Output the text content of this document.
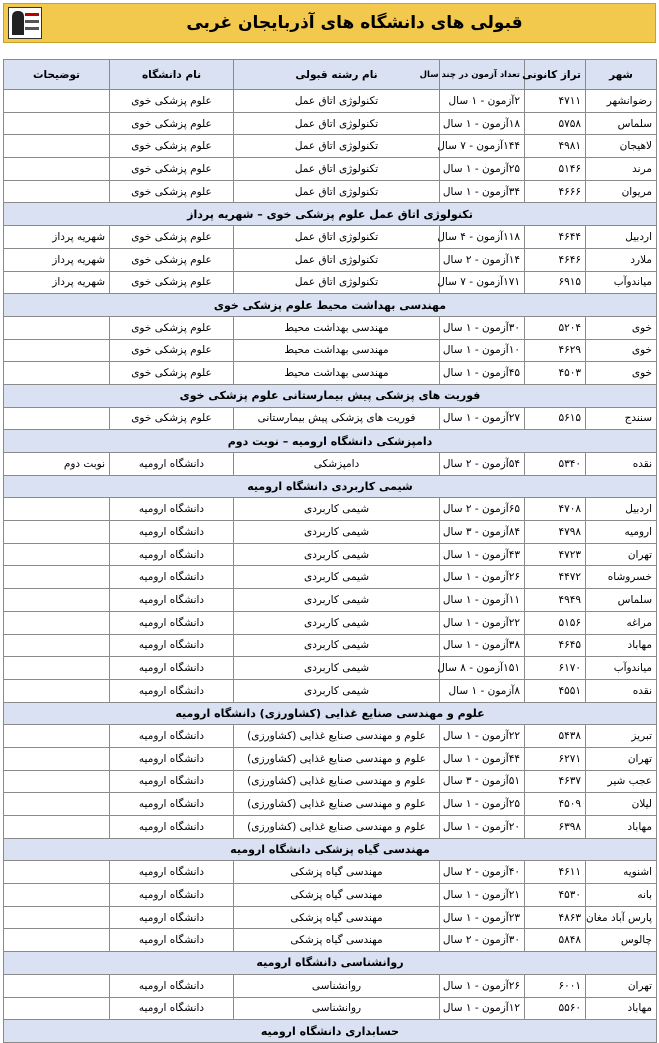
قبولی های دانشگاه های آذربایجان غربی
شهر	تراز کانونی	تعداد آزمون در چند سال	نام رشته قبولی	نام دانشگاه	توضیحات
رضوانشهر	۴۷۱۱	۲آزمون - ۱ سال	تکنولوژی اتاق عمل	علوم پزشکی خوی	
سلماس	۵۷۵۸	۱۸آزمون - ۱ سال	تکنولوژی اتاق عمل	علوم پزشکی خوی	
لاهیجان	۴۹۸۱	۱۴۴آزمون - ۷ سال	تکنولوژی اتاق عمل	علوم پزشکی خوی	
مرند	۵۱۴۶	۲۵آزمون - ۱ سال	تکنولوژی اتاق عمل	علوم پزشکی خوی	
مریوان	۴۶۶۶	۳۴آزمون - ۱ سال	تکنولوژی اتاق عمل	علوم پزشکی خوی	
تکنولوژی اتاق عمل علوم پزشکی خوی – شهریه پرداز					
اردبیل	۴۶۴۴	۱۱۸آزمون - ۴ سال	تکنولوژی اتاق عمل	علوم پزشکی خوی	شهریه پرداز
ملارد	۴۶۴۶	۱۴آزمون - ۲ سال	تکنولوژی اتاق عمل	علوم پزشکی خوی	شهریه پرداز
میاندوآب	۶۹۱۵	۱۷۱آزمون - ۷ سال	تکنولوژی اتاق عمل	علوم پزشکی خوی	شهریه پرداز
مهندسی بهداشت محیط علوم پزشکی خوی					
خوی	۵۲۰۴	۳۰آزمون - ۱ سال	مهندسی بهداشت محیط	علوم پزشکی خوی	
خوی	۴۶۲۹	۱۰آزمون - ۱ سال	مهندسی بهداشت محیط	علوم پزشکی خوی	
خوی	۴۵۰۳	۴۵آزمون - ۱ سال	مهندسی بهداشت محیط	علوم پزشکی خوی	
فوریت های پزشکی پیش بیمارستانی علوم پزشکی خوی					
سنندج	۵۶۱۵	۲۷آزمون - ۱ سال	فوریت های پزشکی پیش بیمارستانی	علوم پزشکی خوی	
دامپزشکی دانشگاه ارومیه – نوبت دوم					
نقده	۵۳۴۰	۵۴آزمون - ۲ سال	دامپزشکی	دانشگاه ارومیه	نوبت دوم
شیمی کاربردی دانشگاه ارومیه					
اردبیل	۴۷۰۸	۶۵آزمون - ۲ سال	شیمی کاربردی	دانشگاه ارومیه	
ارومیه	۴۷۹۸	۸۴آزمون - ۳ سال	شیمی کاربردی	دانشگاه ارومیه	
تهران	۴۷۲۳	۴۳آزمون - ۱ سال	شیمی کاربردی	دانشگاه ارومیه	
خسروشاه	۴۴۷۲	۲۶آزمون - ۱ سال	شیمی کاربردی	دانشگاه ارومیه	
سلماس	۴۹۴۹	۱۱آزمون - ۱ سال	شیمی کاربردی	دانشگاه ارومیه	
مراغه	۵۱۵۶	۲۲آزمون - ۱ سال	شیمی کاربردی	دانشگاه ارومیه	
مهاباد	۴۶۴۵	۳۸آزمون - ۱ سال	شیمی کاربردی	دانشگاه ارومیه	
میاندوآب	۶۱۷۰	۱۵۱آزمون - ۸ سال	شیمی کاربردی	دانشگاه ارومیه	
نقده	۴۵۵۱	۸آزمون - ۱ سال	شیمی کاربردی	دانشگاه ارومیه	
علوم و مهندسی صنایع غذایی (کشاورزی) دانشگاه ارومیه					
تبریز	۵۴۳۸	۲۲آزمون - ۱ سال	علوم و مهندسی صنایع غذایی (کشاورزی)	دانشگاه ارومیه	
تهران	۶۲۷۱	۴۴آزمون - ۱ سال	علوم و مهندسی صنایع غذایی (کشاورزی)	دانشگاه ارومیه	
عجب شیر	۴۶۳۷	۵۱آزمون - ۳ سال	علوم و مهندسی صنایع غذایی (کشاورزی)	دانشگاه ارومیه	
لیلان	۴۵۰۹	۲۵آزمون - ۱ سال	علوم و مهندسی صنایع غذایی (کشاورزی)	دانشگاه ارومیه	
مهاباد	۶۳۹۸	۲۰آزمون - ۱ سال	علوم و مهندسی صنایع غذایی (کشاورزی)	دانشگاه ارومیه	
مهندسی گیاه پزشکی دانشگاه ارومیه					
اشنویه	۴۶۱۱	۴۰آزمون - ۲ سال	مهندسی گیاه پزشکی	دانشگاه ارومیه	
بانه	۴۵۳۰	۲۱آزمون - ۱ سال	مهندسی گیاه پزشکی	دانشگاه ارومیه	
پارس آباد مغان	۴۸۶۳	۲۳آزمون - ۱ سال	مهندسی گیاه پزشکی	دانشگاه ارومیه	
چالوس	۵۸۴۸	۳۰آزمون - ۲ سال	مهندسی گیاه پزشکی	دانشگاه ارومیه	
روانشناسی دانشگاه ارومیه					
تهران	۶۰۰۱	۲۶آزمون - ۱ سال	روانشناسی	دانشگاه ارومیه	
مهاباد	۵۵۶۰	۱۲آزمون - ۱ سال	روانشناسی	دانشگاه ارومیه	
حسابداری دانشگاه ارومیه					
